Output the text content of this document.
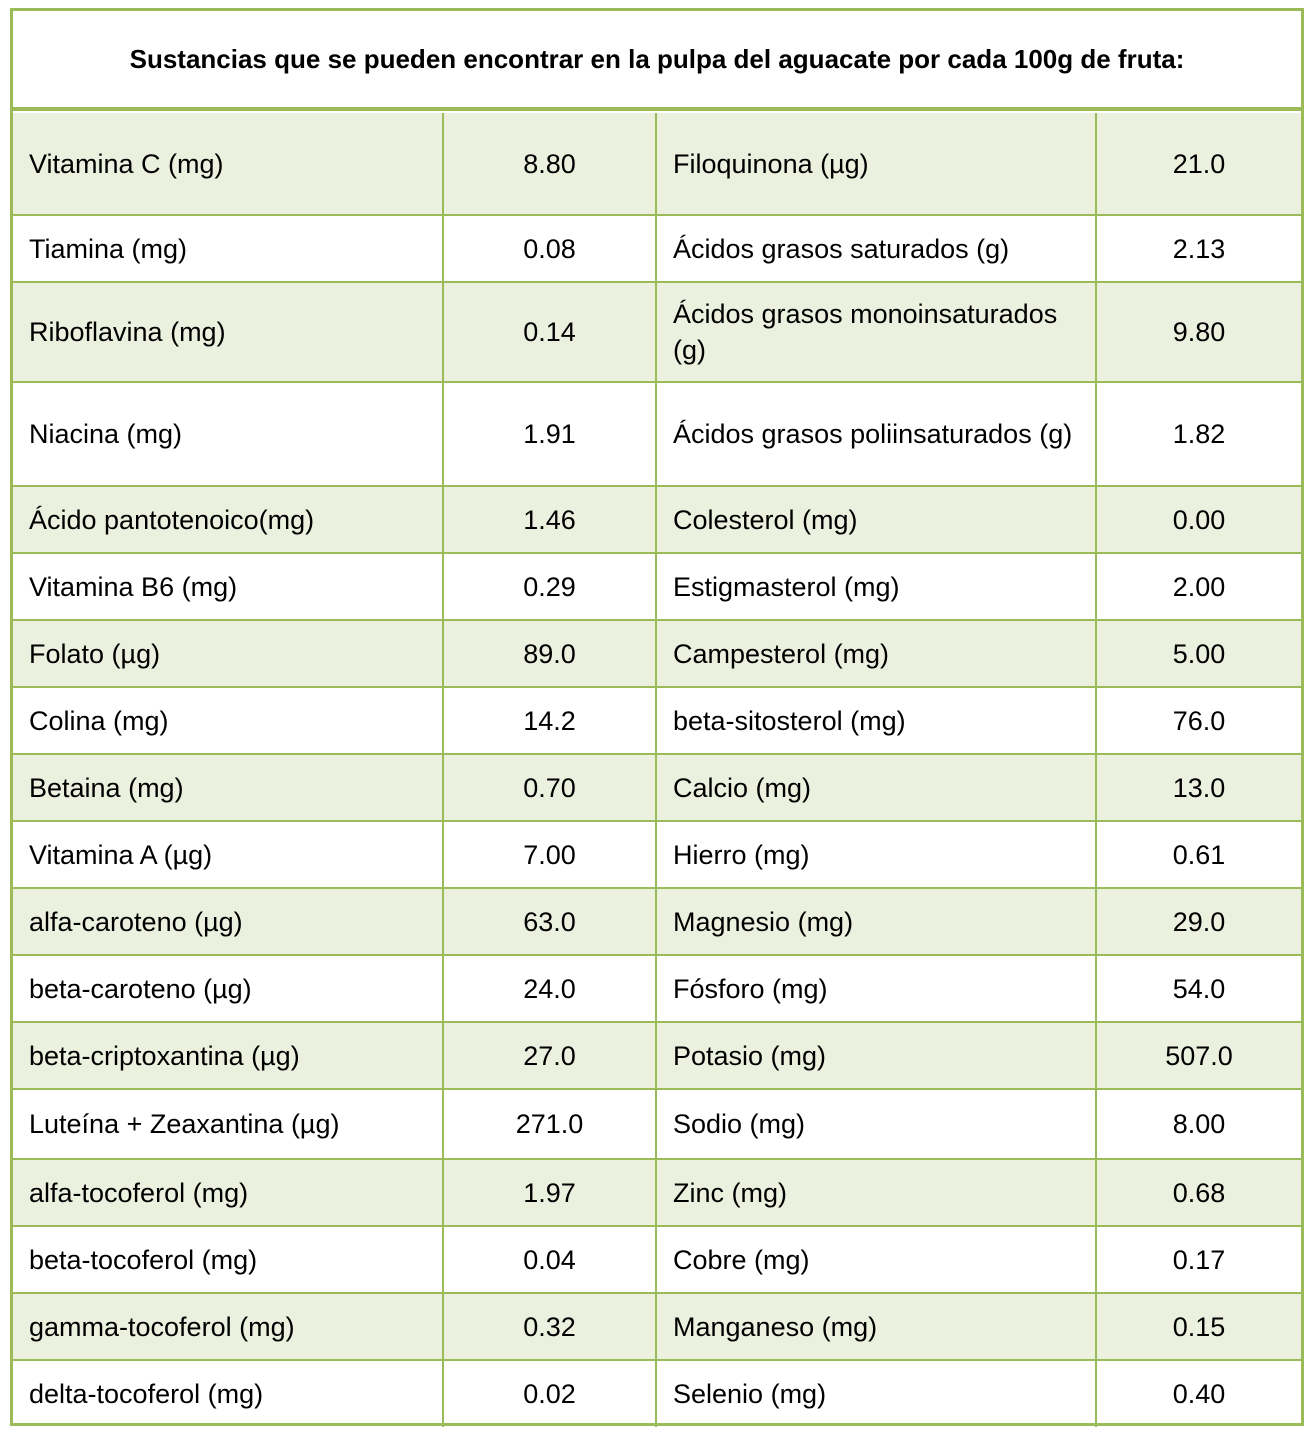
Sustancias que se pueden encontrar en la pulpa del aguacate por cada 100g de fruta:
Vitamina C (mg)	8.80	Filoquinona (µg)	21.0
Tiamina (mg)	0.08	Ácidos grasos saturados (g)	2.13
Riboflavina (mg)	0.14	Ácidos grasos monoinsaturados (g)	9.80
Niacina (mg)	1.91	Ácidos grasos poliinsaturados (g)	1.82
Ácido pantotenoico(mg)	1.46	Colesterol (mg)	0.00
Vitamina B6 (mg)	0.29	Estigmasterol (mg)	2.00
Folato (µg)	89.0	Campesterol (mg)	5.00
Colina (mg)	14.2	beta-sitosterol (mg)	76.0
Betaina (mg)	0.70	Calcio (mg)	13.0
Vitamina A (µg)	7.00	Hierro (mg)	0.61
alfa-caroteno (µg)	63.0	Magnesio (mg)	29.0
beta-caroteno (µg)	24.0	Fósforo (mg)	54.0
beta-criptoxantina (µg)	27.0	Potasio (mg)	507.0
Luteína + Zeaxantina (µg)	271.0	Sodio (mg)	8.00
alfa-tocoferol (mg)	1.97	Zinc (mg)	0.68
beta-tocoferol (mg)	0.04	Cobre (mg)	0.17
gamma-tocoferol (mg)	0.32	Manganeso (mg)	0.15
delta-tocoferol (mg)	0.02	Selenio (mg)	0.40
